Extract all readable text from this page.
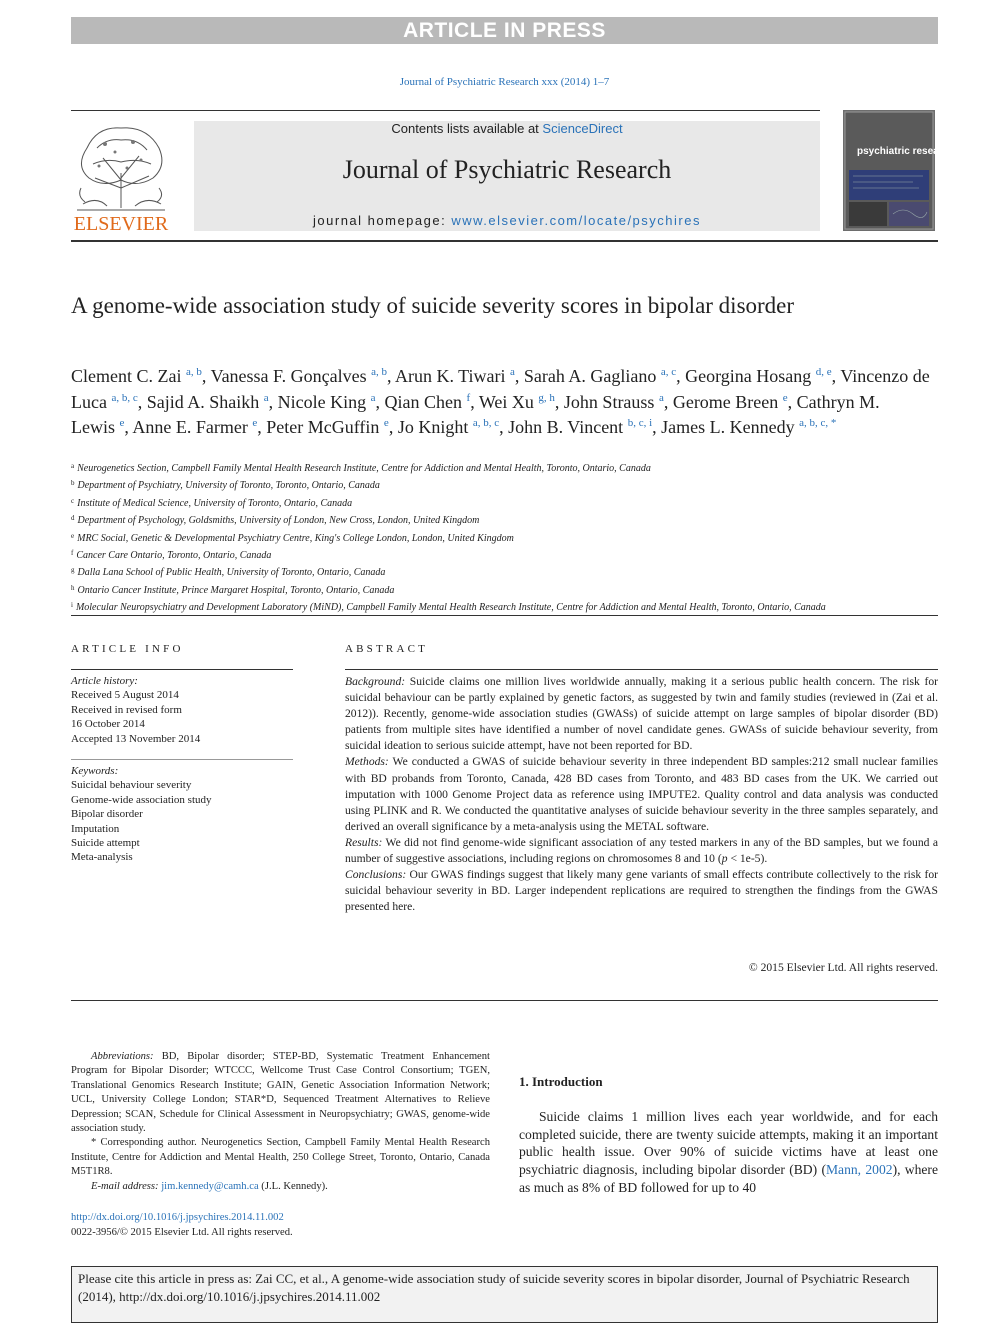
ARTICLE IN PRESS
Journal of Psychiatric Research xxx (2014) 1–7
ELSEVIER
Contents lists available at ScienceDirect
Journal of Psychiatric Research
journal homepage: www.elsevier.com/locate/psychires
psychiatric research
A genome-wide association study of suicide severity scores in bipolar disorder
Clement C. Zai $^{a, b}$, Vanessa F. Gonçalves $^{a, b}$, Arun K. Tiwari $^a$, Sarah A. Gagliano $^{a, c}$, Georgina Hosang $^{d, e}$, Vincenzo de Luca $^{a, b, c}$, Sajid A. Shaikh $^a$, Nicole King $^a$, Qian Chen $^f$, Wei Xu $^{g, h}$, John Strauss $^a$, Gerome Breen $^e$, Cathryn M. Lewis $^e$, Anne E. Farmer $^e$, Peter McGuffin $^e$, Jo Knight $^{a, b, c}$, John B. Vincent $^{b, c, i}$, James L. Kennedy $^{a, b, c, *}$
$^a$ Neurogenetics Section, Campbell Family Mental Health Research Institute, Centre for Addiction and Mental Health, Toronto, Ontario, Canada
$^b$ Department of Psychiatry, University of Toronto, Toronto, Ontario, Canada
$^c$ Institute of Medical Science, University of Toronto, Ontario, Canada
$^d$ Department of Psychology, Goldsmiths, University of London, New Cross, London, United Kingdom
$^e$ MRC Social, Genetic & Developmental Psychiatry Centre, King's College London, London, United Kingdom
$^f$ Cancer Care Ontario, Toronto, Ontario, Canada
$^g$ Dalla Lana School of Public Health, University of Toronto, Ontario, Canada
$^h$ Ontario Cancer Institute, Prince Margaret Hospital, Toronto, Ontario, Canada
$^i$ Molecular Neuropsychiatry and Development Laboratory (MiND), Campbell Family Mental Health Research Institute, Centre for Addiction and Mental Health, Toronto, Ontario, Canada
ARTICLE INFO	ABSTRACT
Article history:
Received 5 August 2014
Received in revised form
16 October 2014
Accepted 13 November 2014
Keywords:
Suicidal behaviour severity
Genome-wide association study
Bipolar disorder
Imputation
Suicide attempt
Meta-analysis

Background: Suicide claims one million lives worldwide annually, making it a serious public health concern. The risk for suicidal behaviour can be partly explained by genetic factors, as suggested by twin and family studies (reviewed in (Zai et al. 2012)). Recently, genome-wide association studies (GWASs) of suicide attempt on large samples of bipolar disorder (BD) patients from multiple sites have identified a number of novel candidate genes. GWASs of suicide behaviour severity, from suicidal ideation to serious suicide attempt, have not been reported for BD.

Methods: We conducted a GWAS of suicide behaviour severity in three independent BD samples:212 small nuclear families with BD probands from Toronto, Canada, 428 BD cases from Toronto, and 483 BD cases from the UK. We carried out imputation with 1000 Genome Project data as reference using IMPUTE2. Quality control and data analysis was conducted using PLINK and R. We conducted the quantitative analyses of suicide behaviour severity in the three samples separately, and derived an overall significance by a meta-analysis using the METAL software.

Results: We did not find genome-wide significant association of any tested markers in any of the BD samples, but we found a number of suggestive associations, including regions on chromosomes 8 and 10 (p < 1e-5).

Conclusions: Our GWAS findings suggest that likely many gene variants of small effects contribute collectively to the risk for suicidal behaviour severity in BD. Larger independent replications are required to strengthen the findings from the GWAS presented here.

© 2015 Elsevier Ltd. All rights reserved.

Abbreviations: BD, Bipolar disorder; STEP-BD, Systematic Treatment Enhancement Program for Bipolar Disorder; WTCCC, Wellcome Trust Case Control Consortium; TGEN, Translational Genomics Research Institute; GAIN, Genetic Association Information Network; UCL, University College London; STAR*D, Sequenced Treatment Alternatives to Relieve Depression; SCAN, Schedule for Clinical Assessment in Neuropsychiatry; GWAS, genome-wide association study.

* Corresponding author. Neurogenetics Section, Campbell Family Mental Health Research Institute, Centre for Addiction and Mental Health, 250 College Street, Toronto, Ontario, Canada M5T1R8.

E-mail address: jim.kennedy@camh.ca (J.L. Kennedy).

http://dx.doi.org/10.1016/j.jpsychires.2014.11.002
0022-3956/© 2015 Elsevier Ltd. All rights reserved.
1. Introduction
Suicide claims 1 million lives each year worldwide, and for each completed suicide, there are twenty suicide attempts, making it an important public health issue. Over 90% of suicide victims have at least one psychiatric diagnosis, including bipolar disorder (BD) (Mann, 2002), where as much as 8% of BD followed for up to 40
Please cite this article in press as: Zai CC, et al., A genome-wide association study of suicide severity scores in bipolar disorder, Journal of Psychiatric Research (2014), http://dx.doi.org/10.1016/j.jpsychires.2014.11.002
